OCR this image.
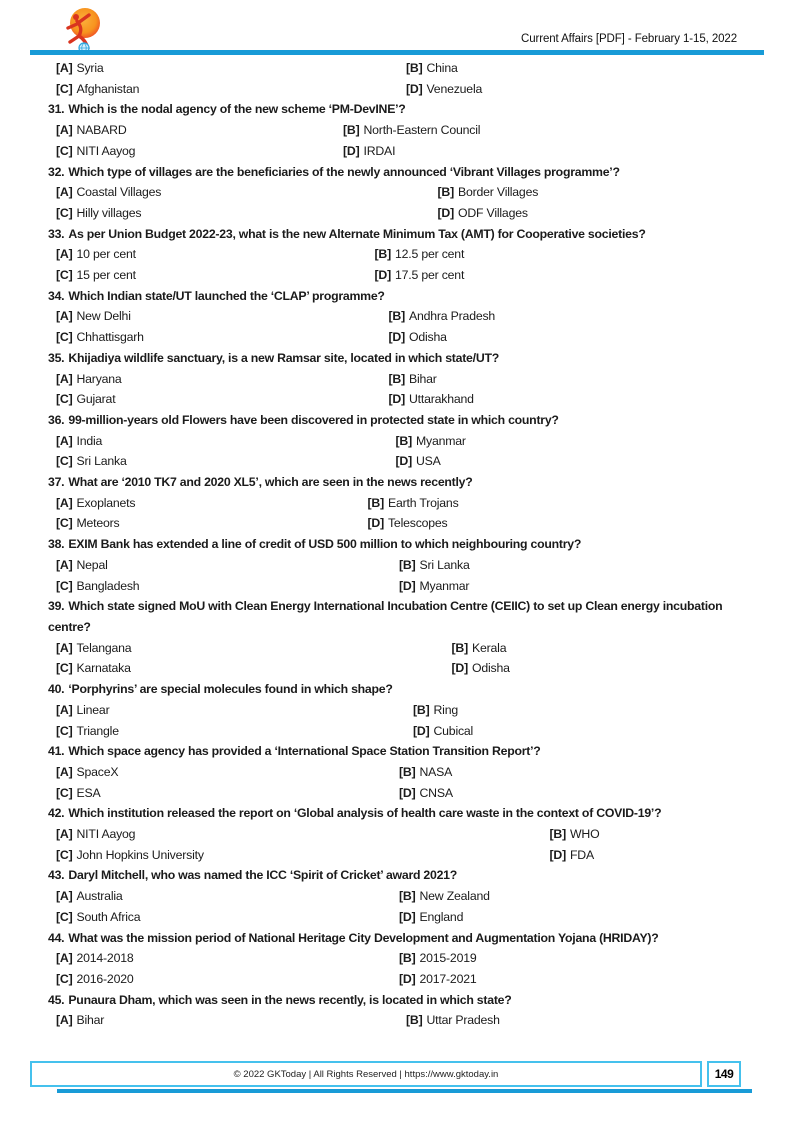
Current Affairs [PDF] - February 1-15, 2022
[A] Syria	[B] China
[C] Afghanistan	[D] Venezuela
31. Which is the nodal agency of the new scheme ‘PM-DevINE’?
[A] NABARD	[B] North-Eastern Council
[C] NITI Aayog	[D] IRDAI
32. Which type of villages are the beneficiaries of the newly announced ‘Vibrant Villages programme’?
[A] Coastal Villages	[B] Border Villages
[C] Hilly villages	[D] ODF Villages
33. As per Union Budget 2022-23, what is the new Alternate Minimum Tax (AMT) for Cooperative societies?
[A] 10 per cent	[B] 12.5 per cent
[C] 15 per cent	[D] 17.5 per cent
34. Which Indian state/UT launched the ‘CLAP’ programme?
[A] New Delhi	[B] Andhra Pradesh
[C] Chhattisgarh	[D] Odisha
35. Khijadiya wildlife sanctuary, is a new Ramsar site, located in which state/UT?
[A] Haryana	[B] Bihar
[C] Gujarat	[D] Uttarakhand
36. 99-million-years old Flowers have been discovered in protected state in which country?
[A] India	[B] Myanmar
[C] Sri Lanka	[D] USA
37. What are ‘2010 TK7 and 2020 XL5’, which are seen in the news recently?
[A] Exoplanets	[B] Earth Trojans
[C] Meteors	[D] Telescopes
38. EXIM Bank has extended a line of credit of USD 500 million to which neighbouring country?
[A] Nepal	[B] Sri Lanka
[C] Bangladesh	[D] Myanmar
39. Which state signed MoU with Clean Energy International Incubation Centre (CEIIC) to set up Clean energy incubation centre?
[A] Telangana	[B] Kerala
[C] Karnataka	[D] Odisha
40. ‘Porphyrins’ are special molecules found in which shape?
[A] Linear	[B] Ring
[C] Triangle	[D] Cubical
41. Which space agency has provided a ‘International Space Station Transition Report’?
[A] SpaceX	[B] NASA
[C] ESA	[D] CNSA
42. Which institution released the report on ‘Global analysis of health care waste in the context of COVID-19’?
[A] NITI Aayog	[B] WHO
[C] John Hopkins University	[D] FDA
43. Daryl Mitchell, who was named the ICC ‘Spirit of Cricket’ award 2021?
[A] Australia	[B] New Zealand
[C] South Africa	[D] England
44. What was the mission period of National Heritage City Development and Augmentation Yojana (HRIDAY)?
[A] 2014-2018	[B] 2015-2019
[C] 2016-2020	[D] 2017-2021
45. Punaura Dham, which was seen in the news recently, is located in which state?
[A] Bihar	[B] Uttar Pradesh
© 2022 GKToday | All Rights Reserved | https://www.gktoday.in	149
